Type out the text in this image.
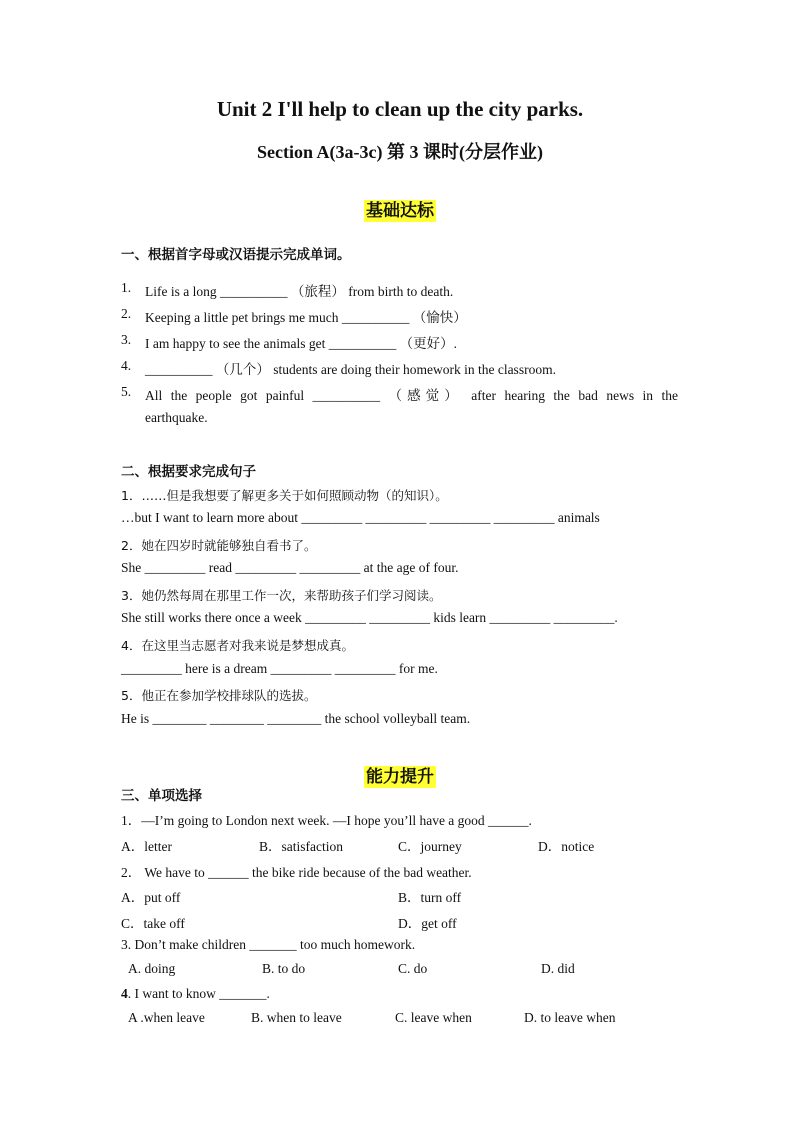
Unit 2 I'll help to clean up the city parks.
Section A(3a-3c) 第 3 课时(分层作业)
基础达标
一、根据首字母或汉语提示完成单词。
1. Life is a long __________ （旅程） from birth to death.
2. Keeping a little pet brings me much __________ （愉快）
3. I am happy to see the animals get __________ （更好）.
4. __________ （几个） students are doing their homework in the classroom.
5. All the people got painful __________ （感觉） after hearing the bad news in the
earthquake.
二、根据要求完成句子
1．……但是我想要了解更多关于如何照顾动物（的知识）。
…but I want to learn more about _________ _________ _________ _________ animals
2．她在四岁时就能够独自看书了。
She _________ read _________ _________ at the age of four.
3．她仍然每周在那里工作一次，来帮助孩子们学习阅读。
She still works there once a week _________ _________ kids learn _________ _________.
4．在这里当志愿者对我来说是梦想成真。
_________ here is a dream _________ _________ for me.
5．他正在参加学校排球队的选拔。
He is ________ ________ ________ the school volleyball team.
能力提升
三、单项选择
1．—I’m going to London next week. —I hope you’ll have a good ______.
A．letter	B．satisfaction	C．journey	D．notice
2． We have to ______ the bike ride because of the bad weather.
A．put off	B．turn off
C．take off	D．get off
3. Don’t make children _______ too much homework.
A. doing	B. to do	C. do	D. did
4. I want to know _______.
A .when leave	B. when to leave	C. leave when	D. to leave when
